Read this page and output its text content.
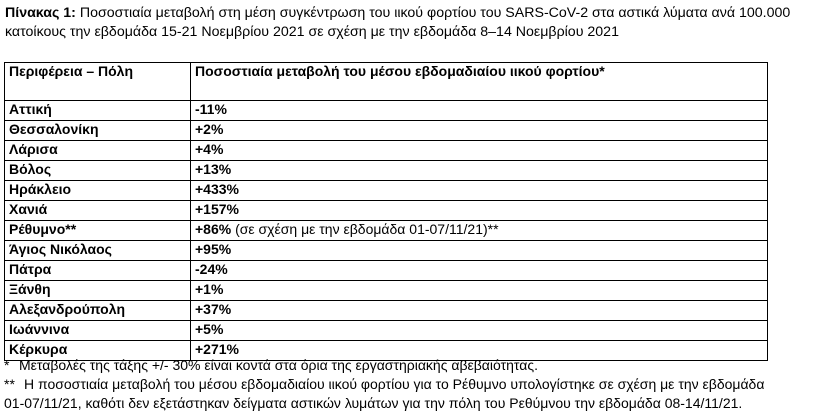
Πίνακας 1: Ποσοστιαία μεταβολή στη μέση συγκέντρωση του ιικού φορτίου του SARS-CoV-2 στα αστικά λύματα ανά 100.000 κατοίκους την εβδομάδα 15-21 Νοεμβρίου 2021 σε σχέση με την εβδομάδα 8–14 Νοεμβρίου 2021
Περιφέρεια – Πόλη	Ποσοστιαία μεταβολή του μέσου εβδομαδιαίου ιικού φορτίου*
Αττική	-11%
Θεσσαλονίκη	+2%
Λάρισα	+4%
Βόλος	+13%
Ηράκλειο	+433%
Χανιά	+157%
Ρέθυμνο**	+86% (σε σχέση με την εβδομάδα 01-07/11/21)**
Άγιος Νικόλαος	+95%
Πάτρα	-24%
Ξάνθη	+1%
Αλεξανδρούπολη	+37%
Ιωάννινα	+5%
Κέρκυρα	+271%
* Μεταβολές της τάξης +/- 30% είναι κοντά στα όρια της εργαστηριακής αβεβαιότητας.
** Η ποσοστιαία μεταβολή του μέσου εβδομαδιαίου ιικού φορτίου για το Ρέθυμνο υπολογίστηκε σε σχέση με την εβδομάδα
01-07/11/21, καθότι δεν εξετάστηκαν δείγματα αστικών λυμάτων για την πόλη του Ρεθύμνου την εβδομάδα 08-14/11/21.
